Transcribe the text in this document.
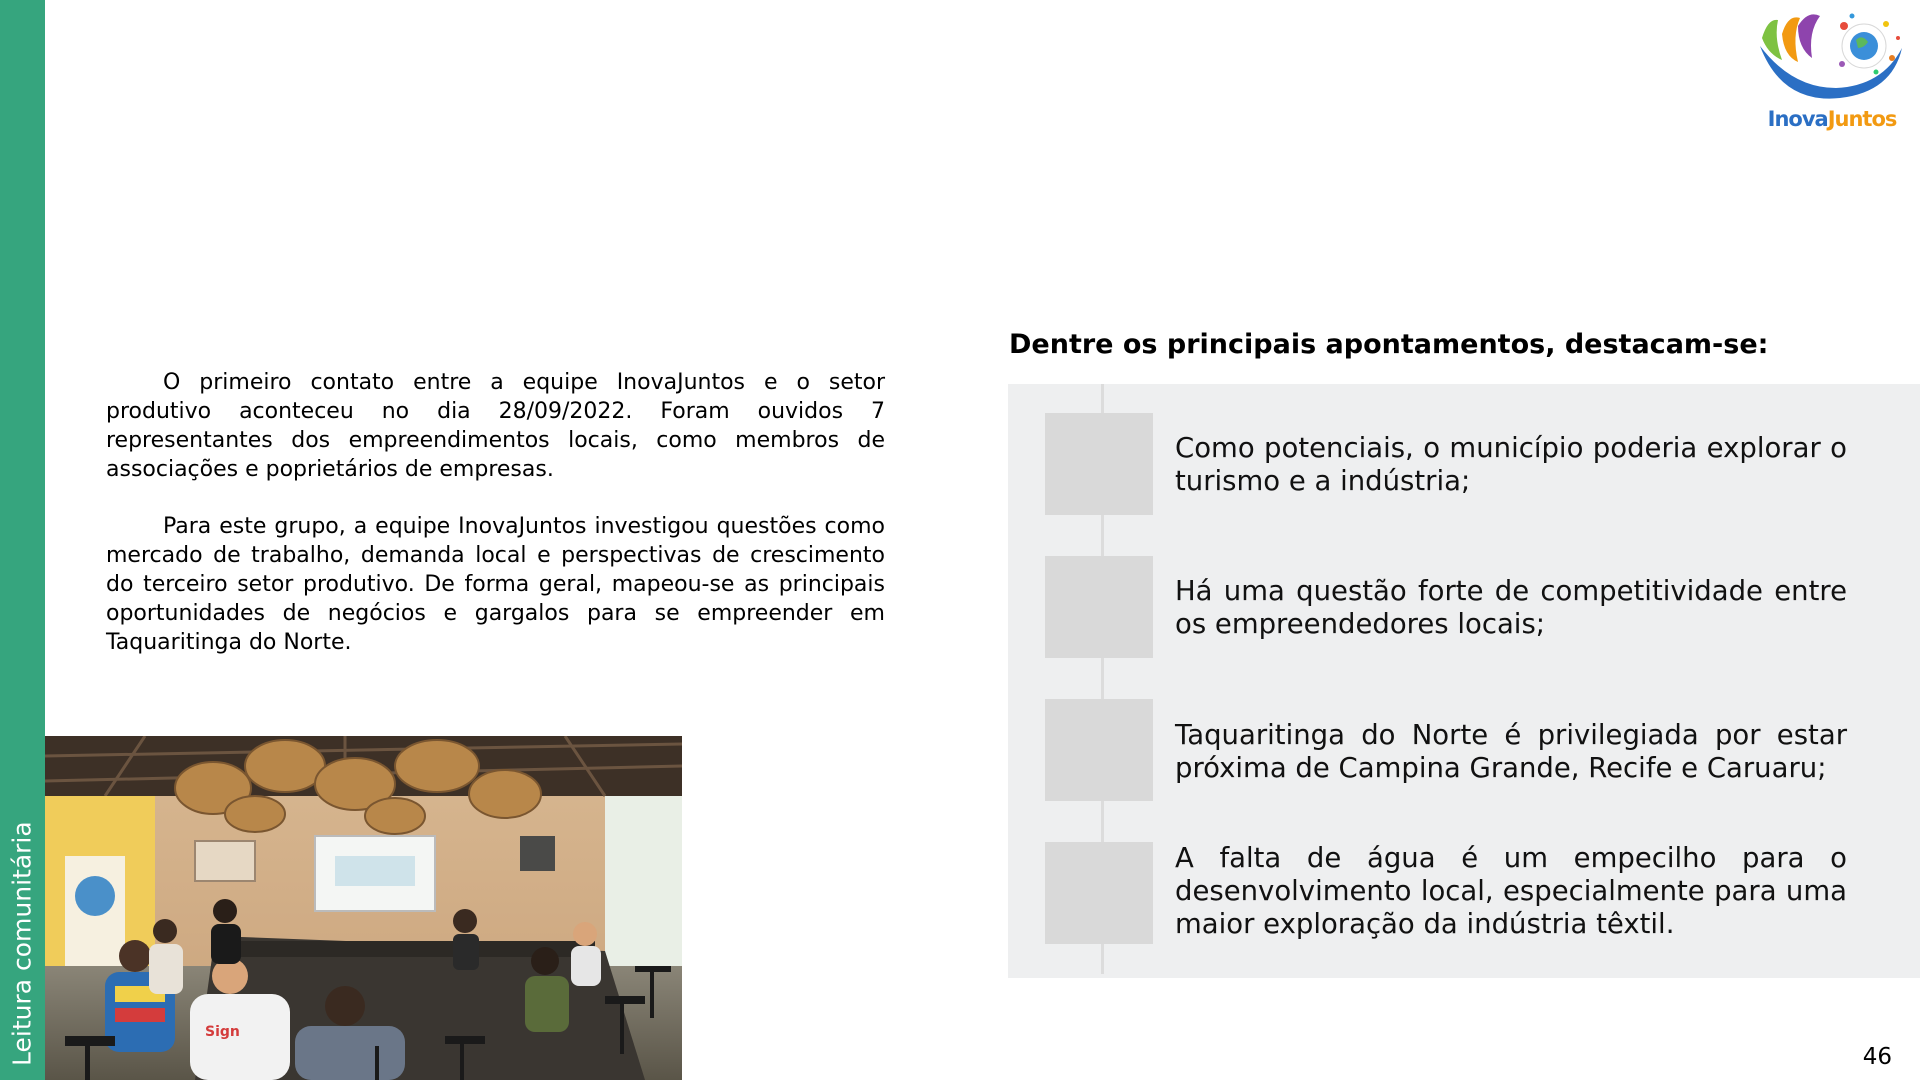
Leitura comunitária
InovaJuntos

O primeiro contato entre a equipe InovaJuntos e o setor produtivo aconteceu no dia 28/09/2022. Foram ouvidos 7 representantes dos empreendimentos locais, como membros de associações e poprietários de empresas.

Para este grupo, a equipe InovaJuntos investigou questões como mercado de trabalho, demanda local e perspectivas de crescimento do terceiro setor produtivo. De forma geral, mapeou-se as principais oportunidades de negócios e gargalos para se empreender em Taquaritinga do Norte.

Sign
Dentre os principais apontamentos, destacam-se:
Como potenciais, o município poderia explorar o turismo e a indústria;
Há uma questão forte de competitividade entre os empreendedores locais;
Taquaritinga do Norte é privilegiada por estar próxima de Campina Grande, Recife e Caruaru;
A falta de água é um empecilho para o desenvolvimento local, especialmente para uma maior exploração da indústria têxtil.
46
